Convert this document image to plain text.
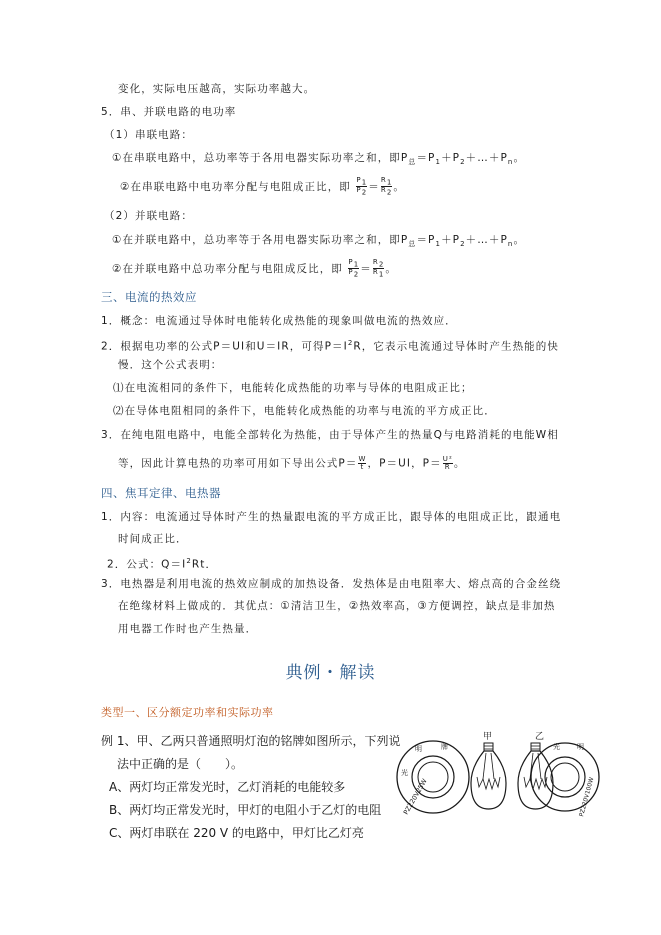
变化，实际电压越高，实际功率越大。
5．串、并联电路的电功率
（1）串联电路：
①在串联电路中，总功率等于各用电器实际功率之和，即$P_总=P_1+P_2+\dots+P_n$。
②在串联电路中电功率分配与电阻成正比，即 $\frac{P_1}{P_2} = \frac{R_1}{R_2}$ 。
（2）并联电路：
①在并联电路中，总功率等于各用电器实际功率之和，即$P_总=P_1+P_2+\dots+P_n$。
②在并联电路中总功率分配与电阻成反比，即 $\frac{P_1}{P_2} = \frac{R_2}{R_1}$ 。
三、电流的热效应
1．概念：电流通过导体时电能转化成热能的现象叫做电流的热效应．
2．根据电功率的公式P＝UI和U＝IR，可得$P=I^2R$，它表示电流通过导体时产生热能的快
慢．这个公式表明：
⑴在电流相同的条件下，电能转化成热能的功率与导体的电阻成正比；
⑵在导体电阻相同的条件下，电能转化成热能的功率与电流的平方成正比．
3．在纯电阻电路中，电能全部转化为热能，由于导体产生的热量Q与电路消耗的电能W相
等，因此计算电热的功率可用如下导出公式$P= \frac{W}{t}$ ，P＝UI，$P= \frac{\text{U²}}{R}$ 。
四、焦耳定律、电热器
1．内容：电流通过导体时产生的热量跟电流的平方成正比，跟导体的电阻成正比，跟通电
时间成正比．
2．公式：$Q=I^2Rt$．
3．电热器是利用电流的热效应制成的加热设备．发热体是由电阻率大、熔点高的合金丝绕
在绝缘材料上做成的．其优点：①清洁卫生，②热效率高，③方便调控，缺点是非加热
用电器工作时也产生热量．
典例・解读
类型一、区分额定功率和实际功率
例 1、甲、乙两只普通照明灯泡的铭牌如图所示，下列说
法中正确的是（　　）。
A、两灯均正常发光时，乙灯消耗的电能较多
B、两灯均正常发光时，甲灯的电阻小于乙灯的电阻
C、两灯串联在 220 V 的电路中，甲灯比乙灯亮
甲	乙
光
明	牌
PZ220V25W
光 明
PZ220V100W
